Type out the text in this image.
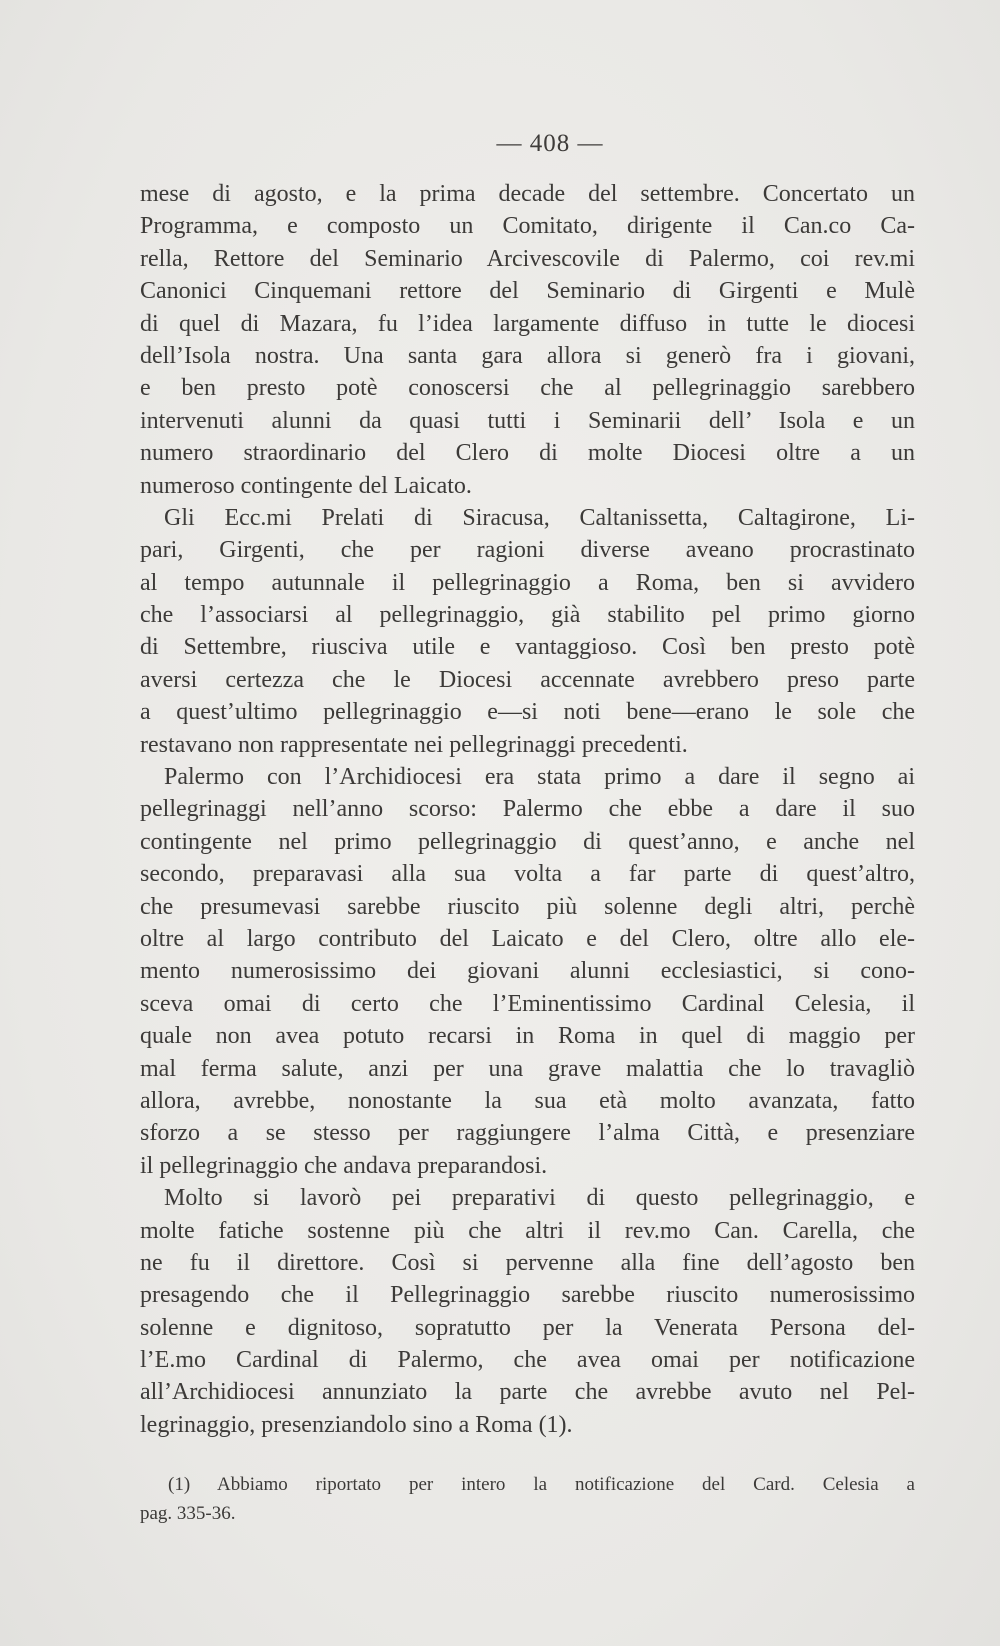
— 408 —
mese di agosto, e la prima decade del settembre. Concertato un
Programma, e composto un Comitato, dirigente il Can.co Ca-
rella, Rettore del Seminario Arcivescovile di Palermo, coi rev.mi
Canonici Cinquemani rettore del Seminario di Girgenti e Mulè
di quel di Mazara, fu l’idea largamente diffuso in tutte le diocesi
dell’Isola nostra. Una santa gara allora si generò fra i giovani,
e ben presto potè conoscersi che al pellegrinaggio sarebbero
intervenuti alunni da quasi tutti i Seminarii dell’ Isola e un
numero straordinario del Clero di molte Diocesi oltre a un
numeroso contingente del Laicato.
Gli Ecc.mi Prelati di Siracusa, Caltanissetta, Caltagirone, Li-
pari, Girgenti, che per ragioni diverse aveano procrastinato
al tempo autunnale il pellegrinaggio a Roma, ben si avvidero
che l’associarsi al pellegrinaggio, già stabilito pel primo giorno
di Settembre, riusciva utile e vantaggioso. Così ben presto potè
aversi certezza che le Diocesi accennate avrebbero preso parte
a quest’ultimo pellegrinaggio e—si noti bene—erano le sole che
restavano non rappresentate nei pellegrinaggi precedenti.
Palermo con l’Archidiocesi era stata primo a dare il segno ai
pellegrinaggi nell’anno scorso: Palermo che ebbe a dare il suo
contingente nel primo pellegrinaggio di quest’anno, e anche nel
secondo, preparavasi alla sua volta a far parte di quest’altro,
che presumevasi sarebbe riuscito più solenne degli altri, perchè
oltre al largo contributo del Laicato e del Clero, oltre allo ele-
mento numerosissimo dei giovani alunni ecclesiastici, si cono-
sceva omai di certo che l’Eminentissimo Cardinal Celesia, il
quale non avea potuto recarsi in Roma in quel di maggio per
mal ferma salute, anzi per una grave malattia che lo travagliò
allora, avrebbe, nonostante la sua età molto avanzata, fatto
sforzo a se stesso per raggiungere l’alma Città, e presenziare
il pellegrinaggio che andava preparandosi.
Molto si lavorò pei preparativi di questo pellegrinaggio, e
molte fatiche sostenne più che altri il rev.mo Can. Carella, che
ne fu il direttore. Così si pervenne alla fine dell’agosto ben
presagendo che il Pellegrinaggio sarebbe riuscito numerosissimo
solenne e dignitoso, sopratutto per la Venerata Persona del-
l’E.mo Cardinal di Palermo, che avea omai per notificazione
all’Archidiocesi annunziato la parte che avrebbe avuto nel Pel-
legrinaggio, presenziandolo sino a Roma (1).
(1) Abbiamo riportato per intero la notificazione del Card. Celesia a
pag. 335-36.
